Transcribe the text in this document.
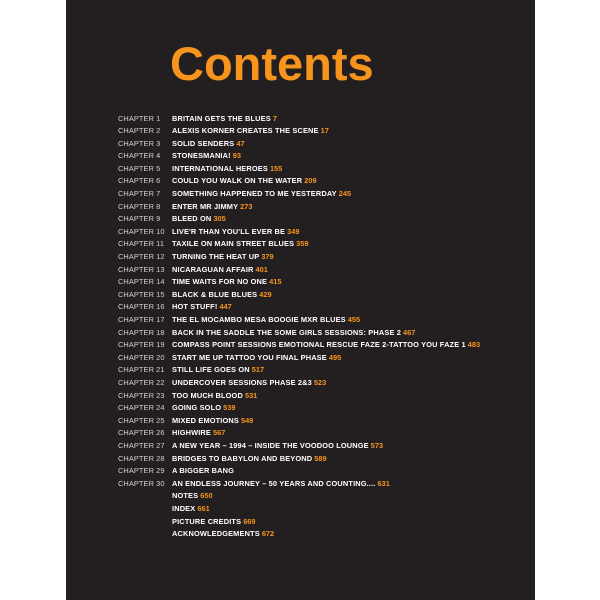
Contents
CHAPTER 1 BRITAIN GETS THE BLUES 7
CHAPTER 2 ALEXIS KORNER CREATES THE SCENE 17
CHAPTER 3 SOLID SENDERS 47
CHAPTER 4 STONESMANIA! 93
CHAPTER 5 INTERNATIONAL HEROES 155
CHAPTER 6 COULD YOU WALK ON THE WATER 209
CHAPTER 7 SOMETHING HAPPENED TO ME YESTERDAY 245
CHAPTER 8 ENTER MR JIMMY 273
CHAPTER 9 BLEED ON 305
CHAPTER 10 LIVE'R THAN YOU'LL EVER BE 349
CHAPTER 11 TAXILE ON MAIN STREET BLUES 359
CHAPTER 12 TURNING THE HEAT UP 379
CHAPTER 13 NICARAGUAN AFFAIR 401
CHAPTER 14 TIME WAITS FOR NO ONE 415
CHAPTER 15 BLACK & BLUE BLUES 429
CHAPTER 16 HOT STUFF! 447
CHAPTER 17 THE EL MOCAMBO MESA BOOGIE MXR BLUES 455
CHAPTER 18 BACK IN THE SADDLE THE SOME GIRLS SESSIONS: PHASE 2 467
CHAPTER 19 COMPASS POINT SESSIONS EMOTIONAL RESCUE FAZE 2-TATTOO YOU FAZE 1 483
CHAPTER 20 START ME UP TATTOO YOU FINAL PHASE 495
CHAPTER 21 STILL LIFE GOES ON 517
CHAPTER 22 UNDERCOVER SESSIONS PHASE 2&3 523
CHAPTER 23 TOO MUCH BLOOD 531
CHAPTER 24 GOING SOLO 539
CHAPTER 25 MIXED EMOTIONS 549
CHAPTER 26 HIGHWIRE 567
CHAPTER 27 A NEW YEAR – 1994 – INSIDE THE VOODOO LOUNGE 573
CHAPTER 28 BRIDGES TO BABYLON AND BEYOND 589
CHAPTER 29 A BIGGER BANG
CHAPTER 30 AN ENDLESS JOURNEY – 50 YEARS AND COUNTING.... 631
NOTES 650
INDEX 661
PICTURE CREDITS 669
ACKNOWLEDGEMENTS 672
